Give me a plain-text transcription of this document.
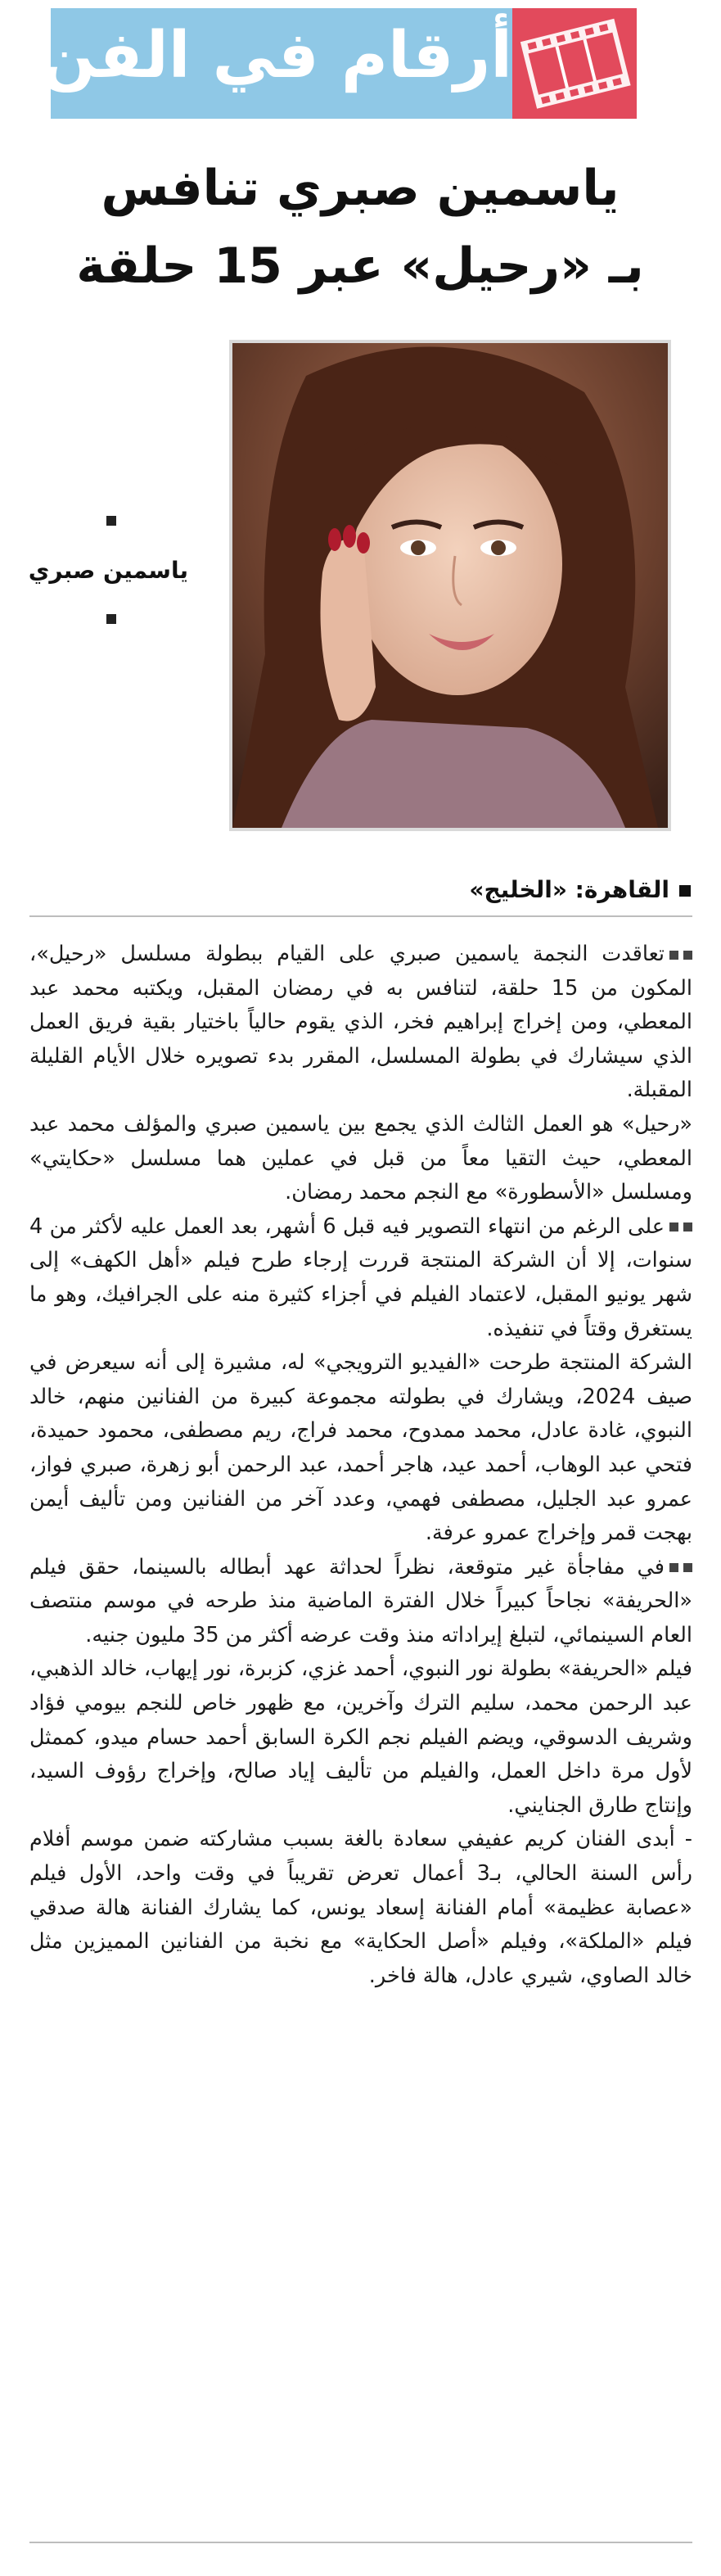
أرقام في الفن
ياسمين صبري تنافس
بـ «رحيل» عبر 15 حلقة
ياسمين صبري
القاهرة: «الخليج»

تعاقدت النجمة ياسمين صبري على القيام ببطولة مسلسل «رحيل»، المكون من 15 حلقة، لتنافس به في رمضان المقبل، ويكتبه محمد عبد المعطي، ومن إخراج إبراهيم فخر، الذي يقوم حالياً باختيار بقية فريق العمل الذي سيشارك في بطولة المسلسل، المقرر بدء تصويره خلال الأيام القليلة المقبلة.

«رحيل» هو العمل الثالث الذي يجمع بين ياسمين صبري والمؤلف محمد عبد المعطي، حيث التقيا معاً من قبل في عملين هما مسلسل «حكايتي» ومسلسل «الأسطورة» مع النجم محمد رمضان.

على الرغم من انتهاء التصوير فيه قبل 6 أشهر، بعد العمل عليه لأكثر من 4 سنوات، إلا أن الشركة المنتجة قررت إرجاء طرح فيلم «أهل الكهف» إلى شهر يونيو المقبل، لاعتماد الفيلم في أجزاء كثيرة منه على الجرافيك، وهو ما يستغرق وقتاً في تنفيذه.

الشركة المنتجة طرحت «الفيديو الترويجي» له، مشيرة إلى أنه سيعرض في صيف 2024، ويشارك في بطولته مجموعة كبيرة من الفنانين منهم، خالد النبوي، غادة عادل، محمد ممدوح، محمد فراج، ريم مصطفى، محمود حميدة، فتحي عبد الوهاب، أحمد عيد، هاجر أحمد، عبد الرحمن أبو زهرة، صبري فواز، عمرو عبد الجليل، مصطفى فهمي، وعدد آخر من الفنانين ومن تأليف أيمن بهجت قمر وإخراج عمرو عرفة.

في مفاجأة غير متوقعة، نظراً لحداثة عهد أبطاله بالسينما، حقق فيلم «الحريفة» نجاحاً كبيراً خلال الفترة الماضية منذ طرحه في موسم منتصف العام السينمائي، لتبلغ إيراداته منذ وقت عرضه أكثر من 35 مليون جنيه.

فيلم «الحريفة» بطولة نور النبوي، أحمد غزي، كزبرة، نور إيهاب، خالد الذهبي، عبد الرحمن محمد، سليم الترك وآخرين، مع ظهور خاص للنجم بيومي فؤاد وشريف الدسوقي، ويضم الفيلم نجم الكرة السابق أحمد حسام ميدو، كممثل لأول مرة داخل العمل، والفيلم من تأليف إياد صالح، وإخراج رؤوف السيد، وإنتاج طارق الجنايني.

- أبدى الفنان كريم عفيفي سعادة بالغة بسبب مشاركته ضمن موسم أفلام رأس السنة الحالي، بـ3 أعمال تعرض تقريباً في وقت واحد، الأول فيلم «عصابة عظيمة» أمام الفنانة إسعاد يونس، كما يشارك الفنانة هالة صدقي فيلم «الملكة»، وفيلم «أصل الحكاية» مع نخبة من الفنانين المميزين مثل خالد الصاوي، شيري عادل، هالة فاخر.
